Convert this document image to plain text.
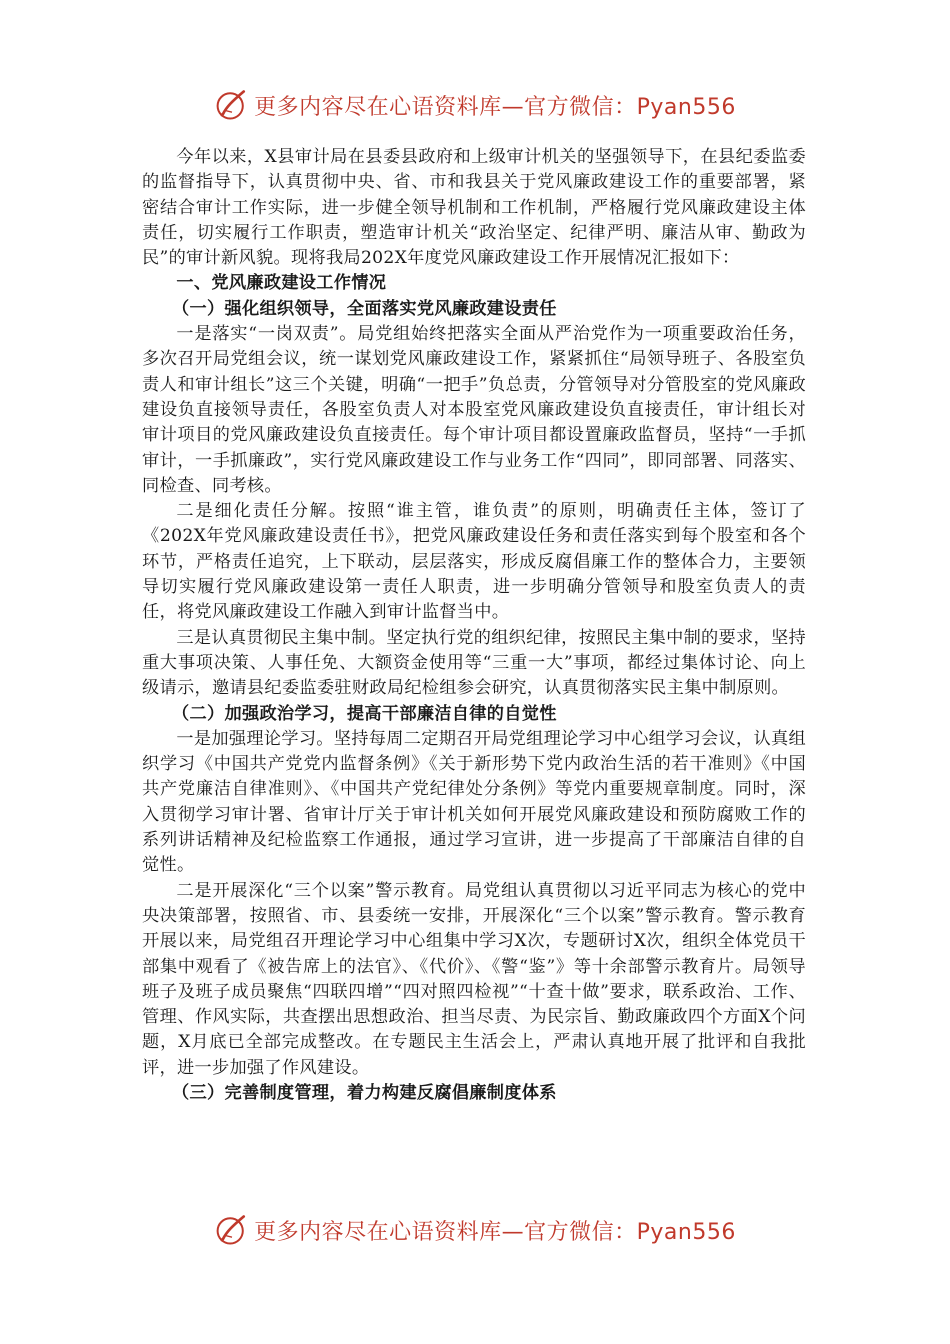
更多内容尽在心语资料库—官方微信：Pyan556

今年以来，X县审计局在县委县政府和上级审计机关的坚强领导下，在县纪委监委的监督指导下，认真贯彻中央、省、市和我县关于党风廉政建设工作的重要部署，紧密结合审计工作实际，进一步健全领导机制和工作机制，严格履行党风廉政建设主体责任，切实履行工作职责，塑造审计机关“政治坚定、纪律严明、廉洁从审、勤政为民”的审计新风貌。现将我局202X年度党风廉政建设工作开展情况汇报如下：

一、党风廉政建设工作情况
（一）强化组织领导，全面落实党风廉政建设责任

一是落实“一岗双责”。局党组始终把落实全面从严治党作为一项重要政治任务，多次召开局党组会议，统一谋划党风廉政建设工作，紧紧抓住“局领导班子、各股室负责人和审计组长”这三个关键，明确“一把手”负总责，分管领导对分管股室的党风廉政建设负直接领导责任，各股室负责人对本股室党风廉政建设负直接责任，审计组长对审计项目的党风廉政建设负直接责任。每个审计项目都设置廉政监督员，坚持“一手抓审计，一手抓廉政”，实行党风廉政建设工作与业务工作“四同”，即同部署、同落实、同检查、同考核。

二是细化责任分解。按照“谁主管，谁负责”的原则，明确责任主体，签订了《202X年党风廉政建设责任书》，把党风廉政建设任务和责任落实到每个股室和各个环节，严格责任追究，上下联动，层层落实，形成反腐倡廉工作的整体合力，主要领导切实履行党风廉政建设第一责任人职责，进一步明确分管领导和股室负责人的责任，将党风廉政建设工作融入到审计监督当中。

三是认真贯彻民主集中制。坚定执行党的组织纪律，按照民主集中制的要求，坚持重大事项决策、人事任免、大额资金使用等“三重一大”事项，都经过集体讨论、向上级请示，邀请县纪委监委驻财政局纪检组参会研究，认真贯彻落实民主集中制原则。

（二）加强政治学习，提高干部廉洁自律的自觉性

一是加强理论学习。坚持每周二定期召开局党组理论学习中心组学习会议，认真组织学习《中国共产党党内监督条例》《关于新形势下党内政治生活的若干准则》《中国共产党廉洁自律准则》、《中国共产党纪律处分条例》等党内重要规章制度。同时，深入贯彻学习审计署、省审计厅关于审计机关如何开展党风廉政建设和预防腐败工作的系列讲话精神及纪检监察工作通报，通过学习宣讲，进一步提高了干部廉洁自律的自觉性。

二是开展深化“三个以案”警示教育。局党组认真贯彻以习近平同志为核心的党中央决策部署，按照省、市、县委统一安排，开展深化“三个以案”警示教育。警示教育开展以来，局党组召开理论学习中心组集中学习X次，专题研讨X次，组织全体党员干部集中观看了《被告席上的法官》、《代价》、《警“鉴”》等十余部警示教育片。局领导班子及班子成员聚焦“四联四增”“四对照四检视”“十查十做”要求，联系政治、工作、管理、作风实际，共查摆出思想政治、担当尽责、为民宗旨、勤政廉政四个方面X个问题，X月底已全部完成整改。在专题民主生活会上，严肃认真地开展了批评和自我批评，进一步加强了作风建设。

（三）完善制度管理，着力构建反腐倡廉制度体系
更多内容尽在心语资料库—官方微信：Pyan556
